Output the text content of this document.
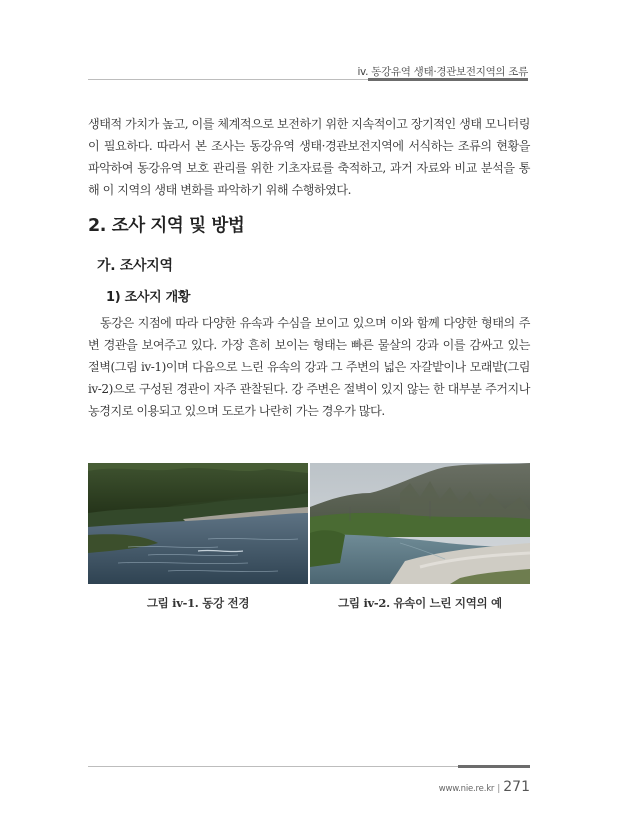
iv. 동강유역 생태·경관보전지역의 조류

생태적 가치가 높고, 이를 체계적으로 보전하기 위한 지속적이고 장기적인 생태 모니터링이 필요하다. 따라서 본 조사는 동강유역 생태·경관보전지역에 서식하는 조류의 현황을 파악하여 동강유역 보호 관리를 위한 기초자료를 축적하고, 과거 자료와 비교 분석을 통해 이 지역의 생태 변화를 파악하기 위해 수행하였다.

2. 조사 지역 및 방법
가. 조사지역
1) 조사지 개황

동강은 지점에 따라 다양한 유속과 수심을 보이고 있으며 이와 함께 다양한 형태의 주변 경관을 보여주고 있다. 가장 흔히 보이는 형태는 빠른 물살의 강과 이를 감싸고 있는 절벽(그림 iv-1)이며 다음으로 느린 유속의 강과 그 주변의 넓은 자갈밭이나 모래밭(그림 iv-2)으로 구성된 경관이 자주 관찰된다. 강 주변은 절벽이 있지 않는 한 대부분 주거지나 농경지로 이용되고 있으며 도로가 나란히 가는 경우가 많다.

그림 iv-1. 동강 전경	그림 iv-2. 유속이 느린 지역의 예
www.nie.re.kr | 271
